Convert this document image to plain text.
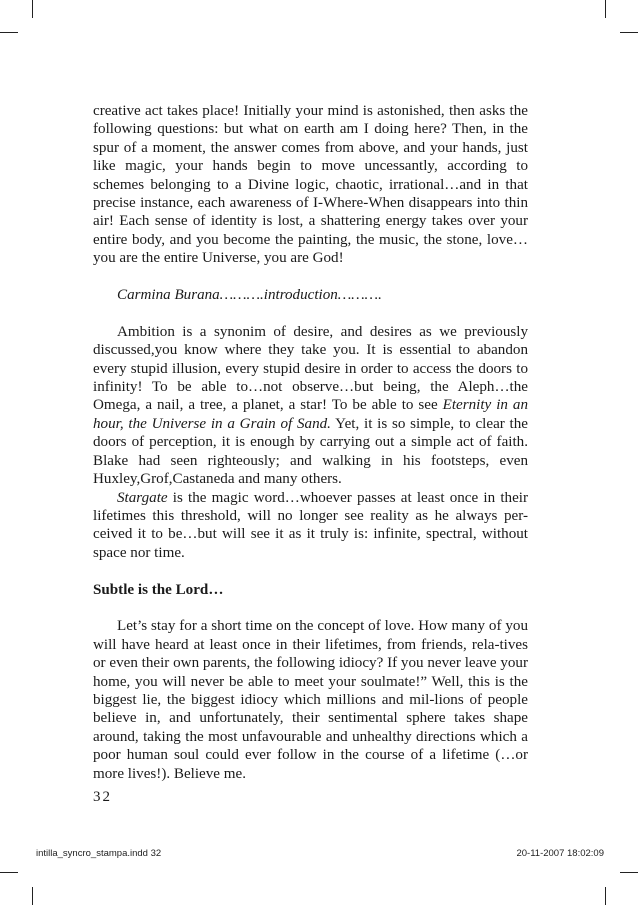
creative act takes place! Initially your mind is astonished, then asks the following questions: but what on earth am I doing here? Then, in the spur of a moment, the answer comes from above, and your hands, just like magic, your hands begin to move uncessantly, according to schemes belonging to a Divine logic, chaotic, irrational…and in that precise instance, each awareness of I-Where-When disappears into thin air! Each sense of identity is lost, a shattering energy takes over your entire body, and you become the painting, the music, the stone, love…you are the entire Universe, you are God!

Carmina Burana……….introduction……….

Ambition is a synonim of desire, and desires as we previously discussed,you know where they take you. It is essential to abandon every stupid illusion, every stupid desire in order to access the doors to infinity! To be able to…not observe…but being, the Aleph…the Omega, a nail, a tree, a planet, a star! To be able to see Eternity in an hour, the Universe in a Grain of Sand. Yet, it is so simple, to clear the doors of perception, it is enough by carrying out a simple act of faith. Blake had seen righteously; and walking in his footsteps, even Huxley,Grof,Castaneda and many others.

Stargate is the magic word…whoever passes at least once in their lifetimes this threshold, will no longer see reality as he always per-ceived it to be…but will see it as it truly is: infinite, spectral, without space nor time.

Subtle is the Lord…

Let’s stay for a short time on the concept of love. How many of you will have heard at least once in their lifetimes, from friends, rela-tives or even their own parents, the following idiocy? If you never leave your home, you will never be able to meet your soulmate!” Well, this is the biggest lie, the biggest idiocy which millions and mil-lions of people believe in, and unfortunately, their sentimental sphere takes shape around, taking the most unfavourable and unhealthy directions which a poor human soul could ever follow in the course of a lifetime (…or more lives!). Believe me.

32
intilla_syncro_stampa.indd 32	20-11-2007 18:02:09
